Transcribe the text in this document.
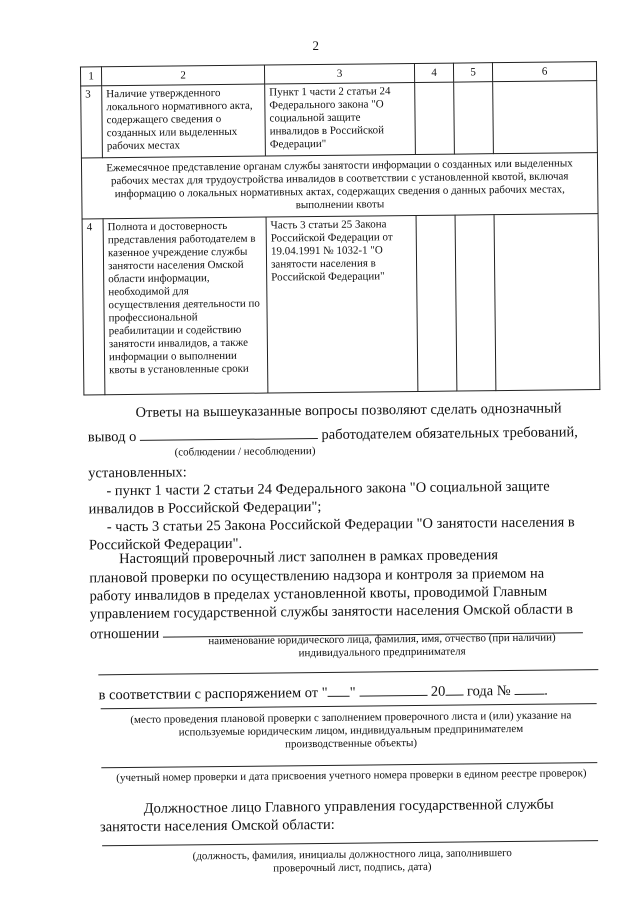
2
1	2	3	4	5	6
3	Наличие утвержденного локального нормативного акта, содержащего сведения о созданных или выделенных рабочих местах	Пункт 1 части 2 статьи 24 Федерального закона "О социальной защите инвалидов в Российской Федерации"			
Ежемесячное представление органам службы занятости информации о созданных или выделенных рабочих местах для трудоустройства инвалидов в соответствии с установленной квотой, включая информацию о локальных нормативных актах, содержащих сведения о данных рабочих местах, выполнении квоты					
4	Полнота и достоверность представления работодателем в казенное учреждение службы занятости населения Омской области информации, необходимой для осуществления деятельности по профессиональной реабилитации и содействию занятости инвалидов, а также информации о выполнении квоты в установленные сроки	Часть 3 статьи 25 Закона Российской Федерации от 19.04.1991 № 1032-1 "О занятости населения в Российской Федерации"			
Ответы на вышеуказанные вопросы позволяют сделать однозначный
вывод о	работодателем обязательных требований,
(соблюдении / несоблюдении)
установленных:
- пункт 1 части 2 статьи 24 Федерального закона "О социальной защите
инвалидов в Российской Федерации";
- часть 3 статьи 25 Закона Российской Федерации "О занятости населения в
Российской Федерации".
Настоящий проверочный лист заполнен в рамках проведения
плановой проверки по осуществлению надзора и контроля за приемом на
работу инвалидов в пределах установленной квоты, проводимой Главным
управлением государственной службы занятости населения Омской области в
отношении	наименование юридического лица, фамилия, имя, отчество (при наличии)
индивидуального предпринимателя
в соответствии с распоряжением от " "	20 года № .
(место проведения плановой проверки с заполнением проверочного листа и (или) указание на
используемые юридическим лицом, индивидуальным предпринимателем
производственные объекты)
(учетный номер проверки и дата присвоения учетного номера проверки в едином реестре проверок)
Должностное лицо Главного управления государственной службы
занятости населения Омской области:
(должность, фамилия, инициалы должностного лица, заполнившего
проверочный лист, подпись, дата)
